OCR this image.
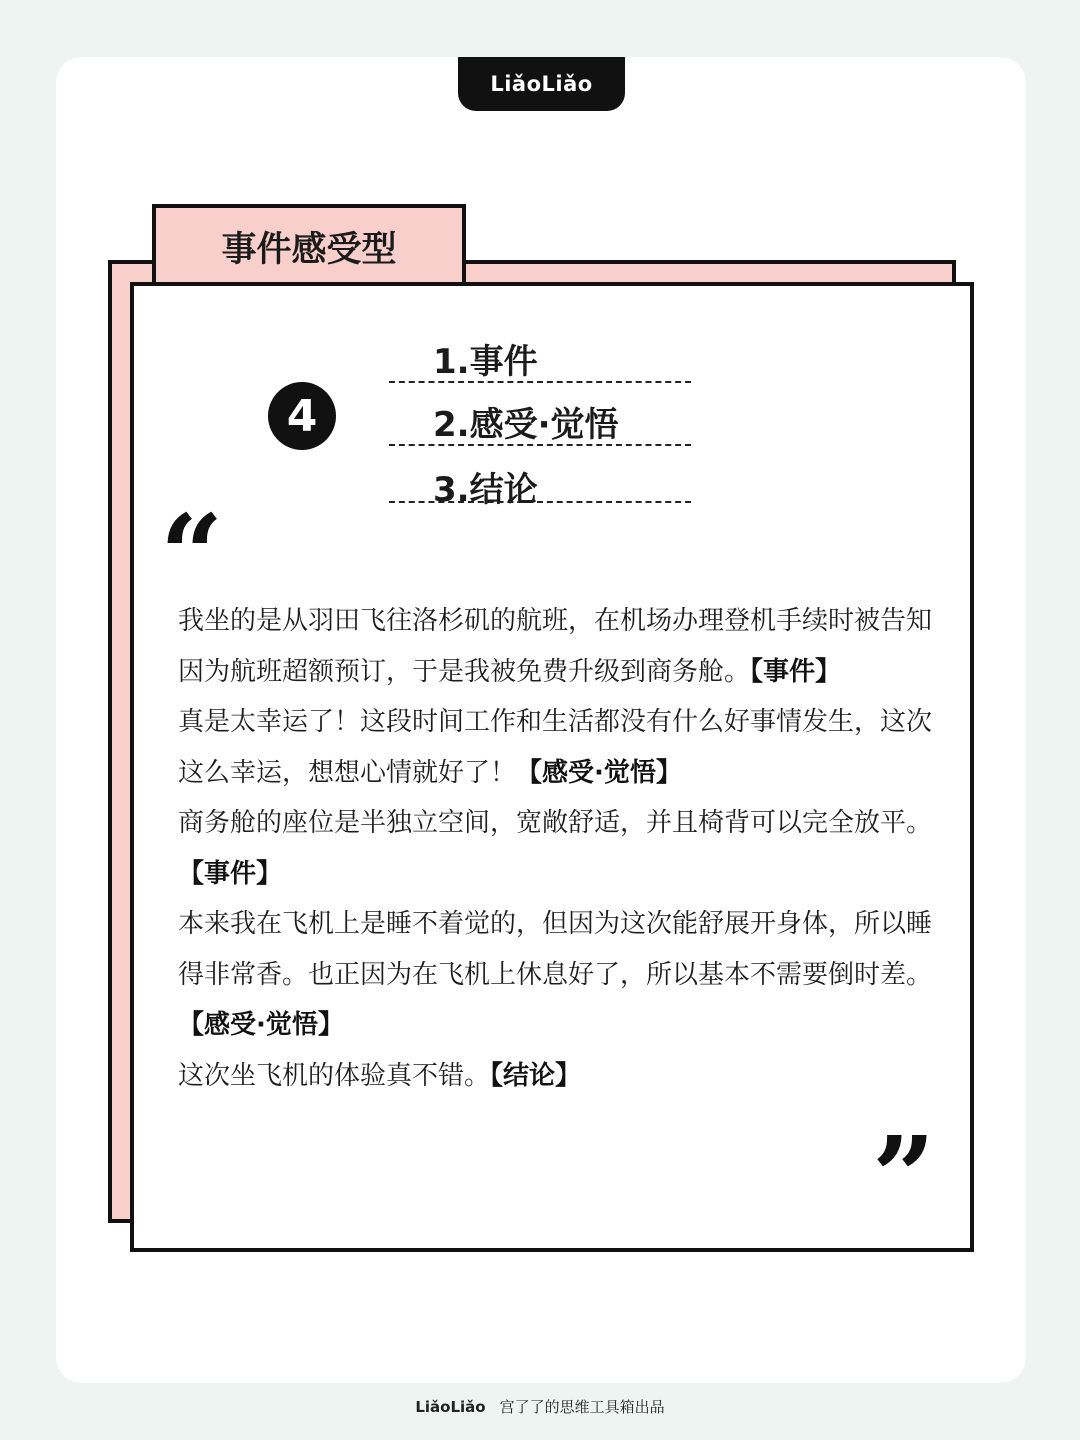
LiǎoLiǎo
事件感受型
4
1.事件
2.感受·觉悟
3.结论
“
”

我坐的是从羽田飞往洛杉矶的航班，在机场办理登机手续时被告知因为航班超额预订，于是我被免费升级到商务舱。【事件】

真是太幸运了！这段时间工作和生活都没有什么好事情发生，这次这么幸运，想想心情就好了！【感受·觉悟】

商务舱的座位是半独立空间，宽敞舒适，并且椅背可以完全放平。

【事件】

本来我在飞机上是睡不着觉的，但因为这次能舒展开身体，所以睡得非常香。也正因为在飞机上休息好了，所以基本不需要倒时差。

【感受·觉悟】

这次坐飞机的体验真不错。【结论】

LiǎoLiǎo 宫了了的思维工具箱出品
